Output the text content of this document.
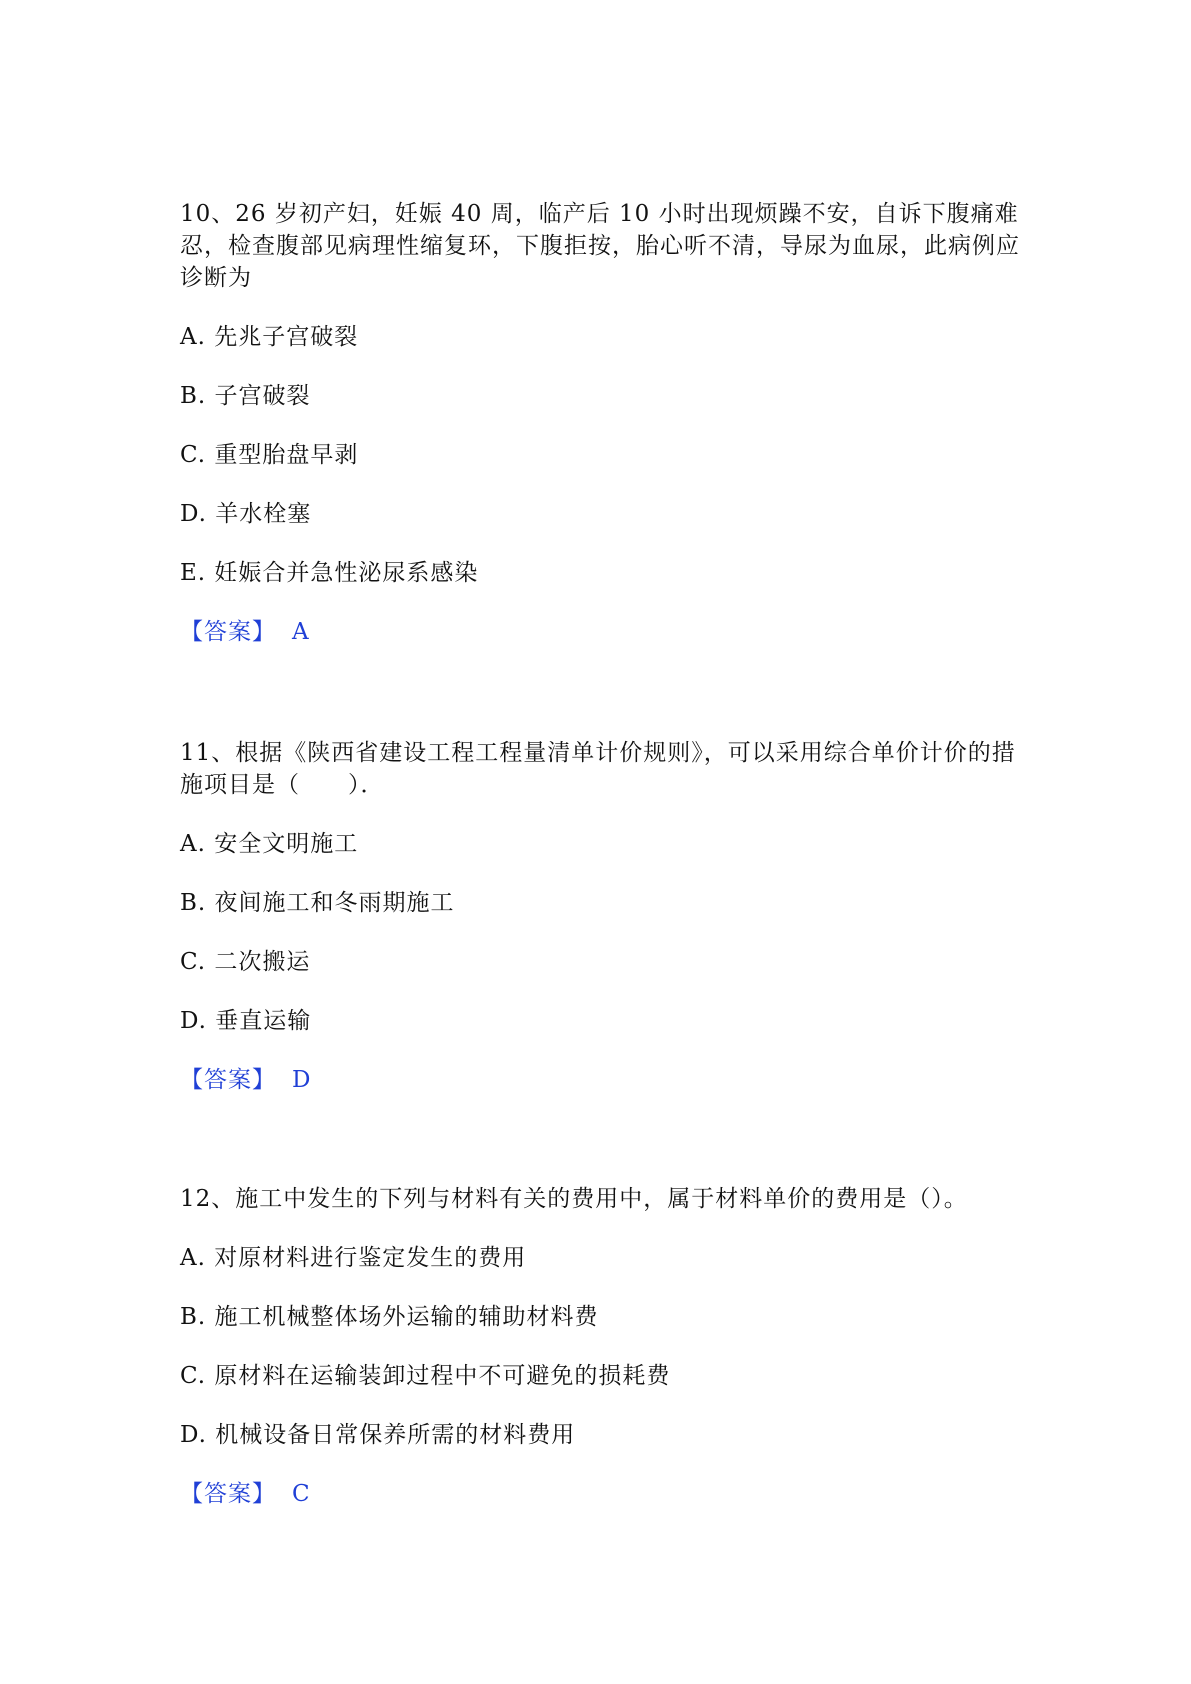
10、26 岁初产妇，妊娠 40 周，临产后 10 小时出现烦躁不安，自诉下腹痛难忍，检查腹部见病理性缩复环，下腹拒按，胎心听不清，导尿为血尿，此病例应诊断为

A. 先兆子宫破裂

B. 子宫破裂

C. 重型胎盘早剥

D. 羊水栓塞

E. 妊娠合并急性泌尿系感染

【答案】 A

11、根据《陕西省建设工程工程量清单计价规则》，可以采用综合单价计价的措施项目是（　　）．

A. 安全文明施工

B. 夜间施工和冬雨期施工

C. 二次搬运

D. 垂直运输

【答案】 D

12、施工中发生的下列与材料有关的费用中，属于材料单价的费用是（）。

A. 对原材料进行鉴定发生的费用

B. 施工机械整体场外运输的辅助材料费

C. 原材料在运输装卸过程中不可避免的损耗费

D. 机械设备日常保养所需的材料费用

【答案】 C
